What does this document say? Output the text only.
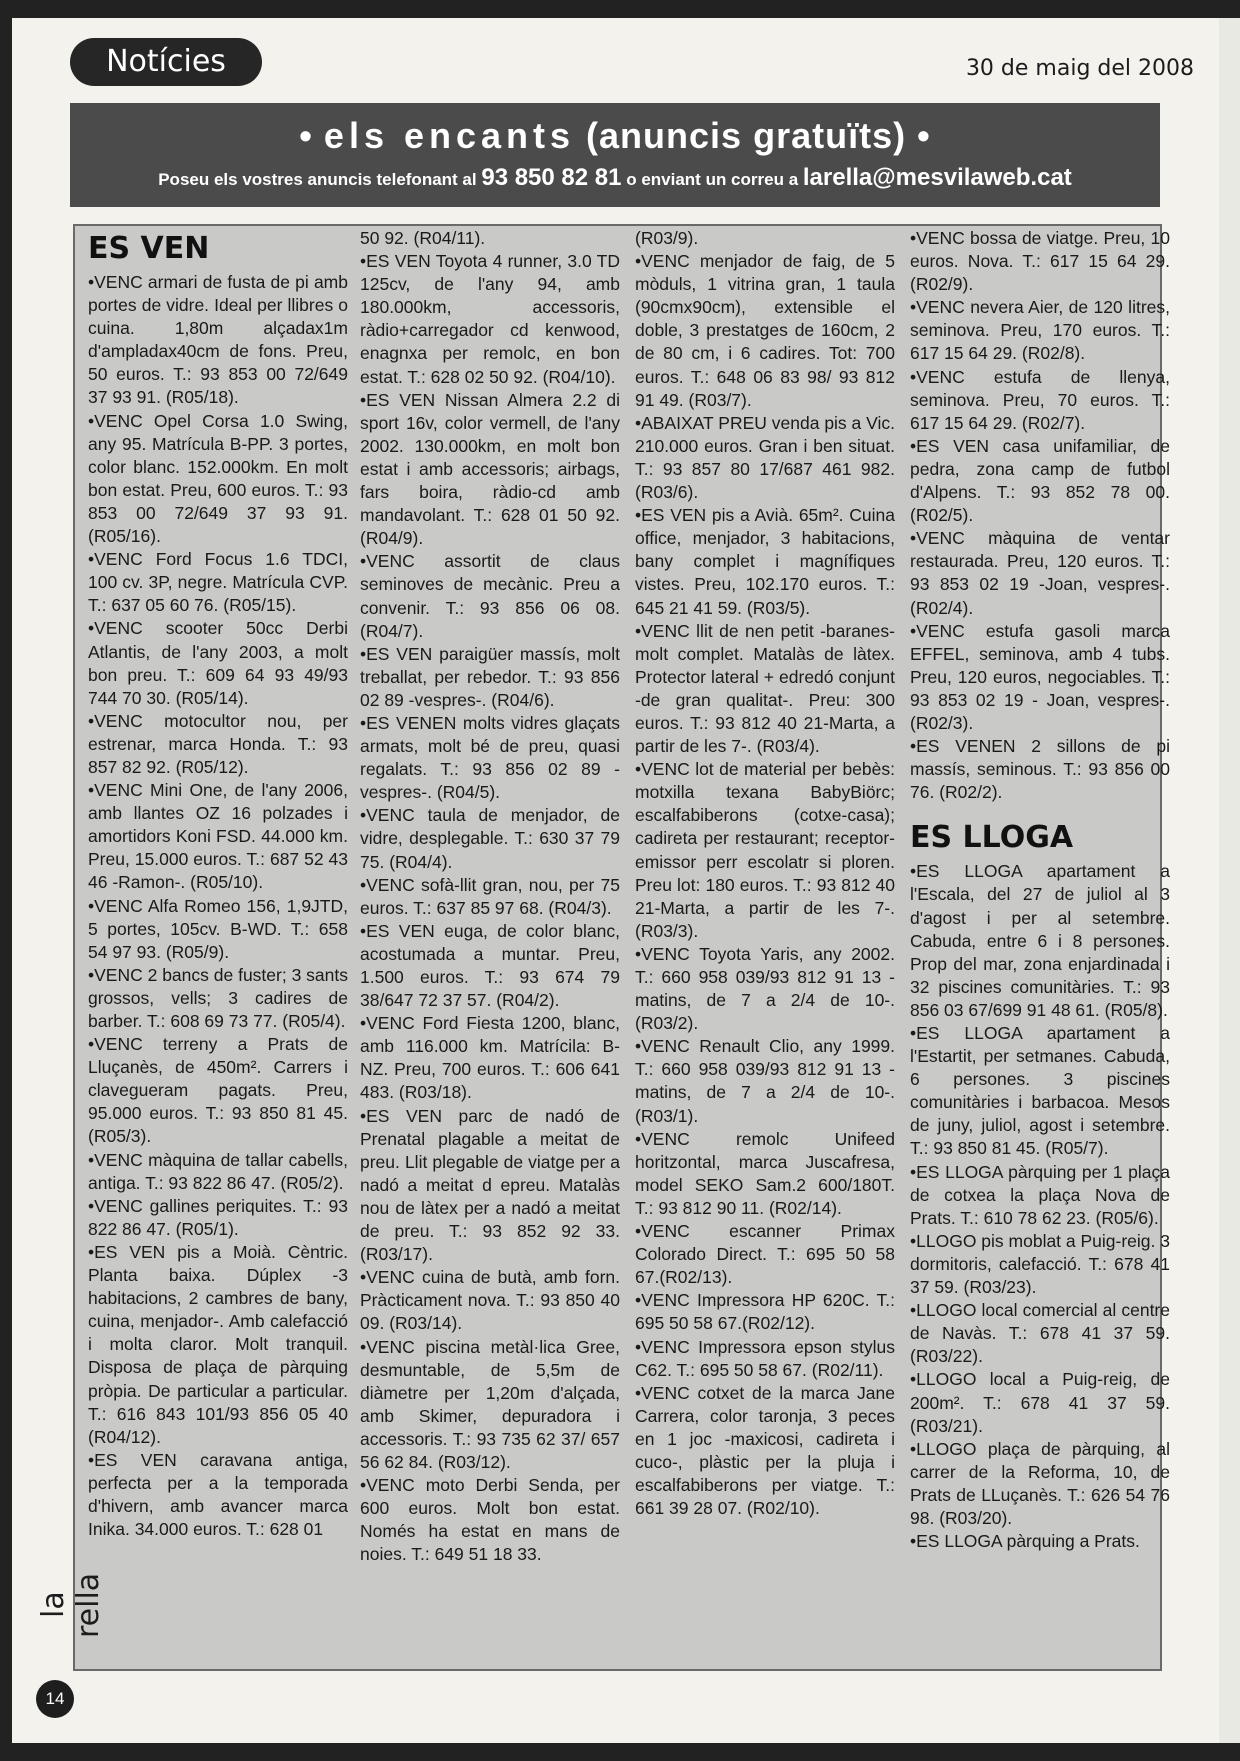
Notícies	30 de maig del 2008
• els encants (anuncis gratuïts) •
Poseu els vostres anuncis telefonant al 93 850 82 81 o enviant un correu a larella@mesvilaweb.cat
ES VEN

•VENC armari de fusta de pi amb portes de vidre. Ideal per llibres o cuina. 1,80m alçadax1m d'ampladax40cm de fons. Preu, 50 euros. T.: 93 853 00 72/649 37 93 91. (R05/18).

•VENC Opel Corsa 1.0 Swing, any 95. Matrícula B-PP. 3 portes, color blanc. 152.000km. En molt bon estat. Preu, 600 euros. T.: 93 853 00 72/649 37 93 91. (R05/16).

•VENC Ford Focus 1.6 TDCI, 100 cv. 3P, negre. Matrícula CVP. T.: 637 05 60 76. (R05/15).

•VENC scooter 50cc Derbi Atlantis, de l'any 2003, a molt bon preu. T.: 609 64 93 49/93 744 70 30. (R05/14).

•VENC motocultor nou, per estrenar, marca Honda. T.: 93 857 82 92. (R05/12).

•VENC Mini One, de l'any 2006, amb llantes OZ 16 polzades i amortidors Koni FSD. 44.000 km. Preu, 15.000 euros. T.: 687 52 43 46 -Ramon-. (R05/10).

•VENC Alfa Romeo 156, 1,9JTD, 5 portes, 105cv. B-WD. T.: 658 54 97 93. (R05/9).

•VENC 2 bancs de fuster; 3 sants grossos, vells; 3 cadires de barber. T.: 608 69 73 77. (R05/4).

•VENC terreny a Prats de Lluçanès, de 450m². Carrers i clavegueram pagats. Preu, 95.000 euros. T.: 93 850 81 45. (R05/3).

•VENC màquina de tallar cabells, antiga. T.: 93 822 86 47. (R05/2).

•VENC gallines periquites. T.: 93 822 86 47. (R05/1).

•ES VEN pis a Moià. Cèntric. Planta baixa. Dúplex -3 habitacions, 2 cambres de bany, cuina, menjador-. Amb calefacció i molta claror. Molt tranquil. Disposa de plaça de pàrquing pròpia. De particular a particular. T.: 616 843 101/93 856 05 40 (R04/12).

•ES VEN caravana antiga, perfecta per a la temporada d'hivern, amb avancer marca Inika. 34.000 euros. T.: 628 01

50 92. (R04/11).

•ES VEN Toyota 4 runner, 3.0 TD 125cv, de l'any 94, amb 180.000km, accessoris, ràdio+carregador cd kenwood, enagnxa per remolc, en bon estat. T.: 628 02 50 92. (R04/10).

•ES VEN Nissan Almera 2.2 di sport 16v, color vermell, de l'any 2002. 130.000km, en molt bon estat i amb accessoris; airbags, fars boira, ràdio-cd amb mandavolant. T.: 628 01 50 92. (R04/9).

•VENC assortit de claus seminoves de mecànic. Preu a convenir. T.: 93 856 06 08. (R04/7).

•ES VEN paraigüer massís, molt treballat, per rebedor. T.: 93 856 02 89 -vespres-. (R04/6).

•ES VENEN molts vidres glaçats armats, molt bé de preu, quasi regalats. T.: 93 856 02 89 -vespres-. (R04/5).

•VENC taula de menjador, de vidre, desplegable. T.: 630 37 79 75. (R04/4).

•VENC sofà-llit gran, nou, per 75 euros. T.: 637 85 97 68. (R04/3).

•ES VEN euga, de color blanc, acostumada a muntar. Preu, 1.500 euros. T.: 93 674 79 38/647 72 37 57. (R04/2).

•VENC Ford Fiesta 1200, blanc, amb 116.000 km. Matrícila: B-NZ. Preu, 700 euros. T.: 606 641 483. (R03/18).

•ES VEN parc de nadó de Prenatal plagable a meitat de preu. Llit plegable de viatge per a nadó a meitat d epreu. Matalàs nou de làtex per a nadó a meitat de preu. T.: 93 852 92 33. (R03/17).

•VENC cuina de butà, amb forn. Pràcticament nova. T.: 93 850 40 09. (R03/14).

•VENC piscina metàl·lica Gree, desmuntable, de 5,5m de diàmetre per 1,20m d'alçada, amb Skimer, depuradora i accessoris. T.: 93 735 62 37/ 657 56 62 84. (R03/12).

•VENC moto Derbi Senda, per 600 euros. Molt bon estat. Només ha estat en mans de noies. T.: 649 51 18 33.

(R03/9).

•VENC menjador de faig, de 5 mòduls, 1 vitrina gran, 1 taula (90cmx90cm), extensible el doble, 3 prestatges de 160cm, 2 de 80 cm, i 6 cadires. Tot: 700 euros. T.: 648 06 83 98/ 93 812 91 49. (R03/7).

•ABAIXAT PREU venda pis a Vic. 210.000 euros. Gran i ben situat. T.: 93 857 80 17/687 461 982. (R03/6).

•ES VEN pis a Avià. 65m². Cuina office, menjador, 3 habitacions, bany complet i magnífiques vistes. Preu, 102.170 euros. T.: 645 21 41 59. (R03/5).

•VENC llit de nen petit -baranes- molt complet. Matalàs de làtex. Protector lateral + edredó conjunt -de gran qualitat-. Preu: 300 euros. T.: 93 812 40 21-Marta, a partir de les 7-. (R03/4).

•VENC lot de material per bebès: motxilla texana BabyBiörc; escalfabiberons (cotxe-casa); cadireta per restaurant; receptor-emissor perr escolatr si ploren. Preu lot: 180 euros. T.: 93 812 40 21-Marta, a partir de les 7-. (R03/3).

•VENC Toyota Yaris, any 2002. T.: 660 958 039/93 812 91 13 -matins, de 7 a 2/4 de 10-. (R03/2).

•VENC Renault Clio, any 1999. T.: 660 958 039/93 812 91 13 -matins, de 7 a 2/4 de 10-. (R03/1).

•VENC remolc Unifeed horitzontal, marca Juscafresa, model SEKO Sam.2 600/180T. T.: 93 812 90 11. (R02/14).

•VENC escanner Primax Colorado Direct. T.: 695 50 58 67.(R02/13).

•VENC Impressora HP 620C. T.: 695 50 58 67.(R02/12).

•VENC Impressora epson stylus C62. T.: 695 50 58 67. (R02/11).

•VENC cotxet de la marca Jane Carrera, color taronja, 3 peces en 1 joc -maxicosi, cadireta i cuco-, plàstic per la pluja i escalfabiberons per viatge. T.: 661 39 28 07. (R02/10).

•VENC bossa de viatge. Preu, 10 euros. Nova. T.: 617 15 64 29. (R02/9).

•VENC nevera Aier, de 120 litres, seminova. Preu, 170 euros. T.: 617 15 64 29. (R02/8).

•VENC estufa de llenya, seminova. Preu, 70 euros. T.: 617 15 64 29. (R02/7).

•ES VEN casa unifamiliar, de pedra, zona camp de futbol d'Alpens. T.: 93 852 78 00. (R02/5).

•VENC màquina de ventar restaurada. Preu, 120 euros. T.: 93 853 02 19 -Joan, vespres-. (R02/4).

•VENC estufa gasoli marca EFFEL, seminova, amb 4 tubs. Preu, 120 euros, negociables. T.: 93 853 02 19 - Joan, vespres-. (R02/3).

•ES VENEN 2 sillons de pi massís, seminous. T.: 93 856 00 76. (R02/2).

ES LLOGA

•ES LLOGA apartament a l'Escala, del 27 de juliol al 3 d'agost i per al setembre. Cabuda, entre 6 i 8 persones. Prop del mar, zona enjardinada i 32 piscines comunitàries. T.: 93 856 03 67/699 91 48 61. (R05/8).

•ES LLOGA apartament a l'Estartit, per setmanes. Cabuda, 6 persones. 3 piscines comunitàries i barbacoa. Mesos de juny, juliol, agost i setembre. T.: 93 850 81 45. (R05/7).

•ES LLOGA pàrquing per 1 plaça de cotxea la plaça Nova de Prats. T.: 610 78 62 23. (R05/6).

•LLOGO pis moblat a Puig-reig. 3 dormitoris, calefacció. T.: 678 41 37 59. (R03/23).

•LLOGO local comercial al centre de Navàs. T.: 678 41 37 59. (R03/22).

•LLOGO local a Puig-reig, de 200m². T.: 678 41 37 59. (R03/21).

•LLOGO plaça de pàrquing, al carrer de la Reforma, 10, de Prats de LLuçanès. T.: 626 54 76 98. (R03/20).

•ES LLOGA pàrquing a Prats.

la rella
14
